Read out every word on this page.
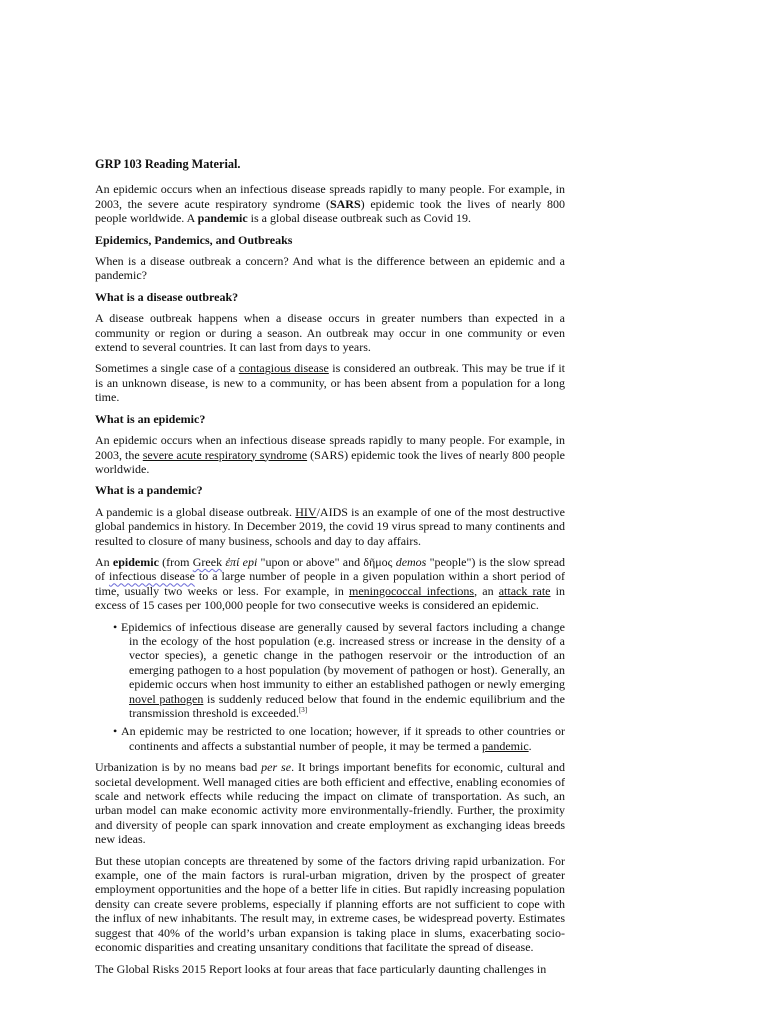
GRP 103 Reading Material.

An epidemic occurs when an infectious disease spreads rapidly to many people. For example, in 2003, the severe acute respiratory syndrome (SARS) epidemic took the lives of nearly 800 people worldwide. A pandemic is a global disease outbreak such as Covid 19.

Epidemics, Pandemics, and Outbreaks

When is a disease outbreak a concern? And what is the difference between an epidemic and a pandemic?

What is a disease outbreak?

A disease outbreak happens when a disease occurs in greater numbers than expected in a community or region or during a season. An outbreak may occur in one community or even extend to several countries. It can last from days to years.

Sometimes a single case of a contagious disease is considered an outbreak. This may be true if it is an unknown disease, is new to a community, or has been absent from a population for a long time.

What is an epidemic?

An epidemic occurs when an infectious disease spreads rapidly to many people. For example, in 2003, the severe acute respiratory syndrome (SARS) epidemic took the lives of nearly 800 people worldwide.

What is a pandemic?

A pandemic is a global disease outbreak. HIV/AIDS is an example of one of the most destructive global pandemics in history. In December 2019, the covid 19 virus spread to many continents and resulted to closure of many business, schools and day to day affairs.

An epidemic (from Greek ἐπί epi "upon or above" and δῆμος demos "people") is the slow spread of infectious disease to a large number of people in a given population within a short period of time, usually two weeks or less. For example, in meningococcal infections, an attack rate in excess of 15 cases per 100,000 people for two consecutive weeks is considered an epidemic.

• Epidemics of infectious disease are generally caused by several factors including a change in the ecology of the host population (e.g. increased stress or increase in the density of a vector species), a genetic change in the pathogen reservoir or the introduction of an emerging pathogen to a host population (by movement of pathogen or host). Generally, an epidemic occurs when host immunity to either an established pathogen or newly emerging novel pathogen is suddenly reduced below that found in the endemic equilibrium and the transmission threshold is exceeded.[3]
• An epidemic may be restricted to one location; however, if it spreads to other countries or continents and affects a substantial number of people, it may be termed a pandemic.

Urbanization is by no means bad per se. It brings important benefits for economic, cultural and societal development. Well managed cities are both efficient and effective, enabling economies of scale and network effects while reducing the impact on climate of transportation. As such, an urban model can make economic activity more environmentally-friendly. Further, the proximity and diversity of people can spark innovation and create employment as exchanging ideas breeds new ideas.

But these utopian concepts are threatened by some of the factors driving rapid urbanization. For example, one of the main factors is rural-urban migration, driven by the prospect of greater employment opportunities and the hope of a better life in cities. But rapidly increasing population density can create severe problems, especially if planning efforts are not sufficient to cope with the influx of new inhabitants. The result may, in extreme cases, be widespread poverty. Estimates suggest that 40% of the world’s urban expansion is taking place in slums, exacerbating socio-economic disparities and creating unsanitary conditions that facilitate the spread of disease.

The Global Risks 2015 Report looks at four areas that face particularly daunting challenges in
